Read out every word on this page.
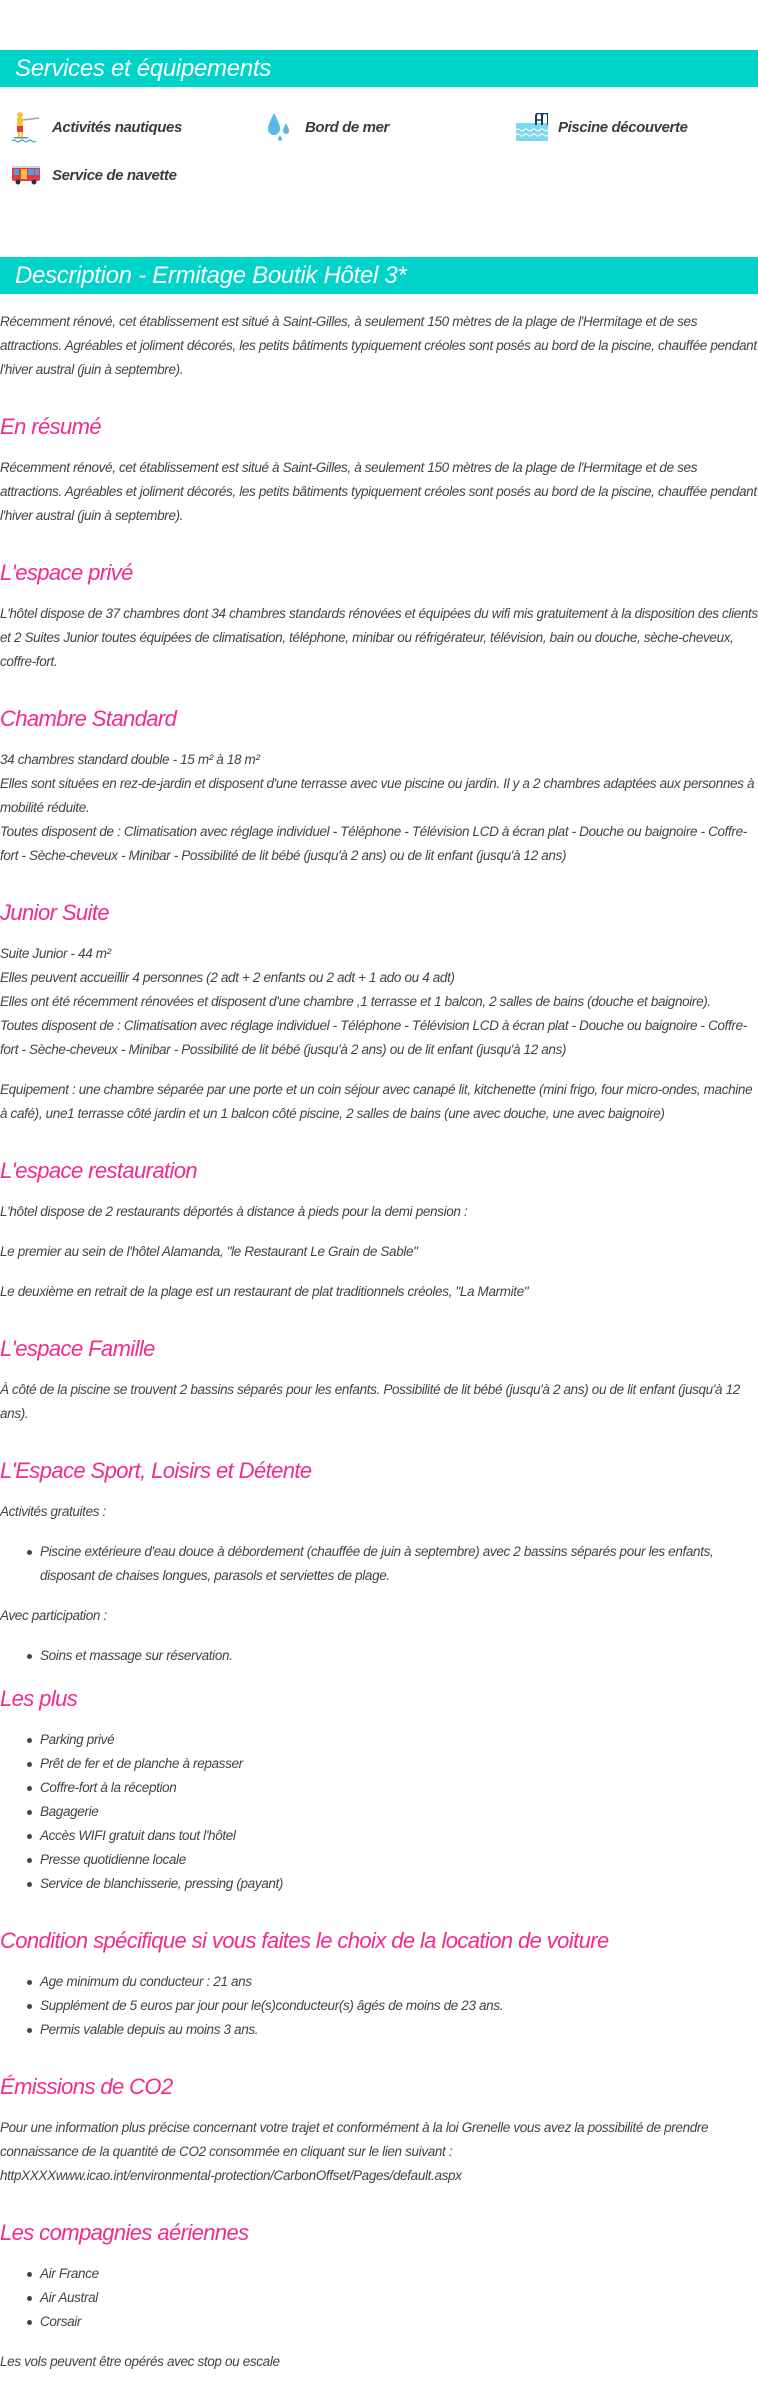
Services et équipements
Activités nautiques	Bord de mer	Piscine découverte
Service de navette
Description - Ermitage Boutik Hôtel 3*

Récemment rénové, cet établissement est situé à Saint-Gilles, à seulement 150 mètres de la plage de l'Hermitage et de ses attractions. Agréables et joliment décorés, les petits bâtiments typiquement créoles sont posés au bord de la piscine, chauffée pendant l'hiver austral (juin à septembre).

En résumé

Récemment rénové, cet établissement est situé à Saint-Gilles, à seulement 150 mètres de la plage de l'Hermitage et de ses attractions. Agréables et joliment décorés, les petits bâtiments typiquement créoles sont posés au bord de la piscine, chauffée pendant l'hiver austral (juin à septembre).

L'espace privé

L'hôtel dispose de 37 chambres dont 34 chambres standards rénovées et équipées du wifi mis gratuitement à la disposition des clients et 2 Suites Junior toutes équipées de climatisation, téléphone, minibar ou réfrigérateur, télévision, bain ou douche, sèche-cheveux, coffre-fort.

Chambre Standard

34 chambres standard double - 15 m² à 18 m²

Elles sont situées en rez-de-jardin et disposent d'une terrasse avec vue piscine ou jardin. Il y a 2 chambres adaptées aux personnes à mobilité réduite.

Toutes disposent de : Climatisation avec réglage individuel - Téléphone - Télévision LCD à écran plat - Douche ou baignoire - Coffre-fort - Sèche-cheveux - Minibar - Possibilité de lit bébé (jusqu'à 2 ans) ou de lit enfant (jusqu'à 12 ans)

Junior Suite

Suite Junior - 44 m²

Elles peuvent accueillir 4 personnes (2 adt + 2 enfants ou 2 adt + 1 ado ou 4 adt)

Elles ont été récemment rénovées et disposent d'une chambre ,1 terrasse et 1 balcon, 2 salles de bains (douche et baignoire).

Toutes disposent de : Climatisation avec réglage individuel - Téléphone - Télévision LCD à écran plat - Douche ou baignoire - Coffre-fort - Sèche-cheveux - Minibar - Possibilité de lit bébé (jusqu'à 2 ans) ou de lit enfant (jusqu'à 12 ans)

Equipement : une chambre séparée par une porte et un coin séjour avec canapé lit, kitchenette (mini frigo, four micro-ondes, machine à café), une1 terrasse côté jardin et un 1 balcon côté piscine, 2 salles de bains (une avec douche, une avec baignoire)

L'espace restauration

L'hôtel dispose de 2 restaurants déportés à distance à pieds pour la demi pension :

Le premier au sein de l'hôtel Alamanda, "le Restaurant Le Grain de Sable"

Le deuxième en retrait de la plage est un restaurant de plat traditionnels créoles, "La Marmite"

L'espace Famille

À côté de la piscine se trouvent 2 bassins séparés pour les enfants. Possibilité de lit bébé (jusqu'à 2 ans) ou de lit enfant (jusqu'à 12 ans).

L'Espace Sport, Loisirs et Détente

Activités gratuites :

Piscine extérieure d'eau douce à débordement (chauffée de juin à septembre) avec 2 bassins séparés pour les enfants, disposant de chaises longues, parasols et serviettes de plage.

Avec participation :

Soins et massage sur réservation.
Les plus
Parking privé
Prêt de fer et de planche à repasser
Coffre-fort à la réception
Bagagerie
Accès WIFI gratuit dans tout l'hôtel
Presse quotidienne locale
Service de blanchisserie, pressing (payant)
Condition spécifique si vous faites le choix de la location de voiture
Age minimum du conducteur : 21 ans
Supplément de 5 euros par jour pour le(s)conducteur(s) âgés de moins de 23 ans.
Permis valable depuis au moins 3 ans.
Émissions de CO2

Pour une information plus précise concernant votre trajet et conformément à la loi Grenelle vous avez la possibilité de prendre connaissance de la quantité de CO2 consommée en cliquant sur le lien suivant :

httpXXXXwww.icao.int/environmental-protection/CarbonOffset/Pages/default.aspx

Les compagnies aériennes
Air France
Air Austral
Corsair

Les vols peuvent être opérés avec stop ou escale
